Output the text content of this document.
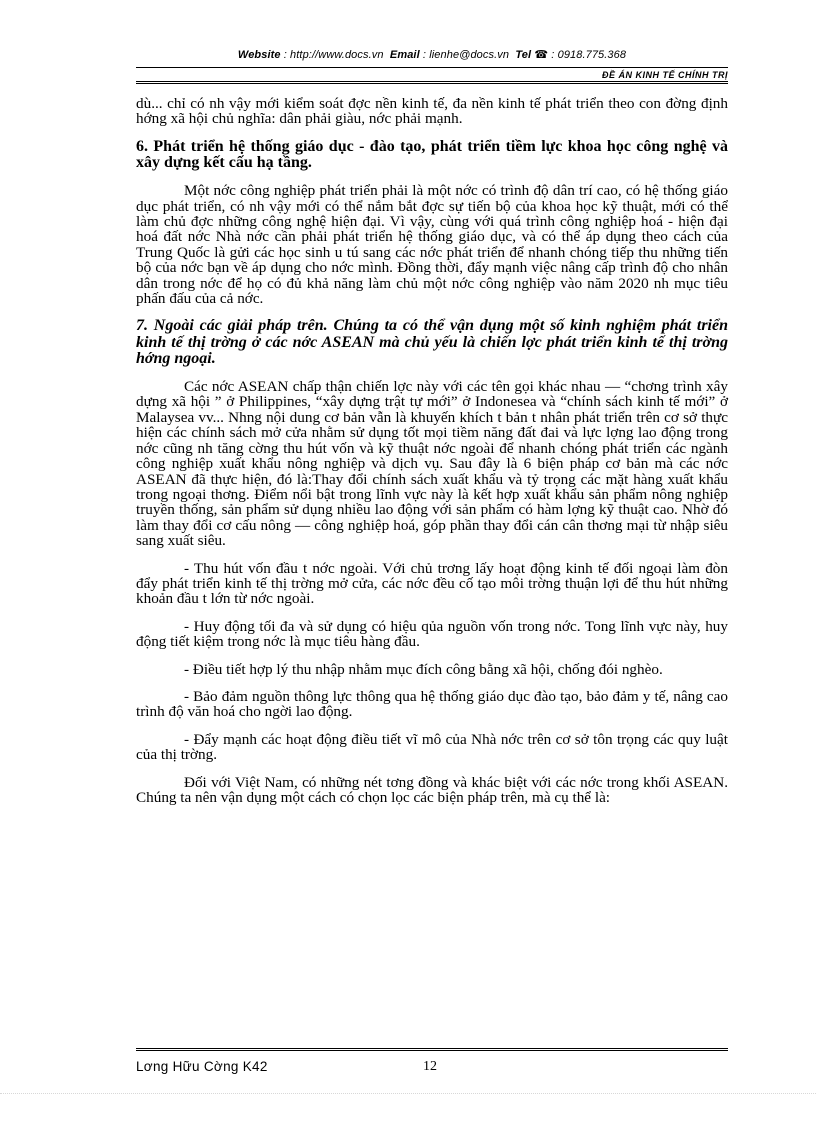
Website : http://www.docs.vn Email : lienhe@docs.vn Tel ☎ : 0918.775.368
ĐỀ ÁN KINH TẾ CHÍNH TRỊ

dù... chỉ có nh vậy mới kiểm soát đợc nền kinh tế, đa nền kinh tế phát triển theo con đờng định hớng xã hội chủ nghĩa: dân phải giàu, nớc phải mạnh.

6. Phát triển hệ thống giáo dục - đào tạo, phát triển tiềm lực khoa học công nghệ và xây dựng kết cấu hạ tầng.

Một nớc công nghiệp phát triển phải là một nớc có trình độ dân trí cao, có hệ thống giáo dục phát triển, có nh vậy mới có thể nắm bắt đợc sự tiến bộ của khoa học kỹ thuật, mới có thể làm chủ đợc những công nghệ hiện đại. Vì vậy, cùng với quá trình công nghiệp hoá - hiện đại hoá đất nớc Nhà nớc cần phải phát triển hệ thống giáo dục, và có thể áp dụng theo cách của Trung Quốc là gửi các học sinh u tú sang các nớc phát triển để nhanh chóng tiếp thu những tiến bộ của nớc bạn về áp dụng cho nớc mình. Đồng thời, đẩy mạnh việc nâng cấp trình độ cho nhân dân trong nớc để họ có đủ khả năng làm chủ một nớc công nghiệp vào năm 2020 nh mục tiêu phấn đấu của cả nớc.

7. Ngoài các giải pháp trên. Chúng ta có thể vận dụng một số kinh nghiệm phát triển kinh tế thị trờng ở các nớc ASEAN mà chủ yếu là chiến lợc phát triển kinh tế thị trờng hớng ngoại.

Các nớc ASEAN chấp thận chiến lợc này với các tên gọi khác nhau — “chơng trình xây dựng xã hội ” ở Philippines, “xây dựng trật tự mới” ở Indonesea và “chính sách kinh tế mới” ở Malaysea vv... Nhng nội dung cơ bản vẫn là khuyến khích t bản t nhân phát triển trên cơ sở thực hiện các chính sách mở cửa nhằm sử dụng tốt mọi tiềm năng đất đai và lực lợng lao động trong nớc cũng nh tăng cờng thu hút vốn và kỹ thuật nớc ngoài để nhanh chóng phát triển các ngành công nghiệp xuất khẩu nông nghiệp và dịch vụ. Sau đây là 6 biện pháp cơ bản mà các nớc ASEAN đã thực hiện, đó là:Thay đổi chính sách xuất khẩu và tỷ trọng các mặt hàng xuất khẩu trong ngoại thơng. Điểm nổi bật trong lĩnh vực này là kết hợp xuất khẩu sản phẩm nông nghiệp truyền thống, sản phẩm sử dụng nhiều lao động với sản phẩm có hàm lợng kỹ thuật cao. Nhờ đó làm thay đổi cơ cấu nông — công nghiệp hoá, góp phần thay đổi cán cân thơng mại từ nhập siêu sang xuất siêu.

- Thu hút vốn đầu t nớc ngoài. Với chủ trơng lấy hoạt động kinh tế đối ngoại làm đòn đẩy phát triển kinh tế thị trờng mở cửa, các nớc đều cố tạo môi trờng thuận lợi để thu hút những khoản đầu t lớn từ nớc ngoài.

- Huy động tối đa và sử dụng có hiệu qủa nguồn vốn trong nớc. Tong lĩnh vực này, huy động tiết kiệm trong nớc là mục tiêu hàng đầu.

- Điều tiết hợp lý thu nhập nhằm mục đích công bằng xã hội, chống đói nghèo.

- Bảo đảm nguồn thông lực thông qua hệ thống giáo dục đào tạo, bảo đảm y tế, nâng cao trình độ văn hoá cho ngời lao động.

- Đẩy mạnh các hoạt động điều tiết vĩ mô của Nhà nớc trên cơ sở tôn trọng các quy luật của thị trờng.

Đối với Việt Nam, có những nét tơng đồng và khác biệt với các nớc trong khối ASEAN. Chúng ta nên vận dụng một cách có chọn lọc các biện pháp trên, mà cụ thể là:

Lơng Hữu Cờng K42	12
